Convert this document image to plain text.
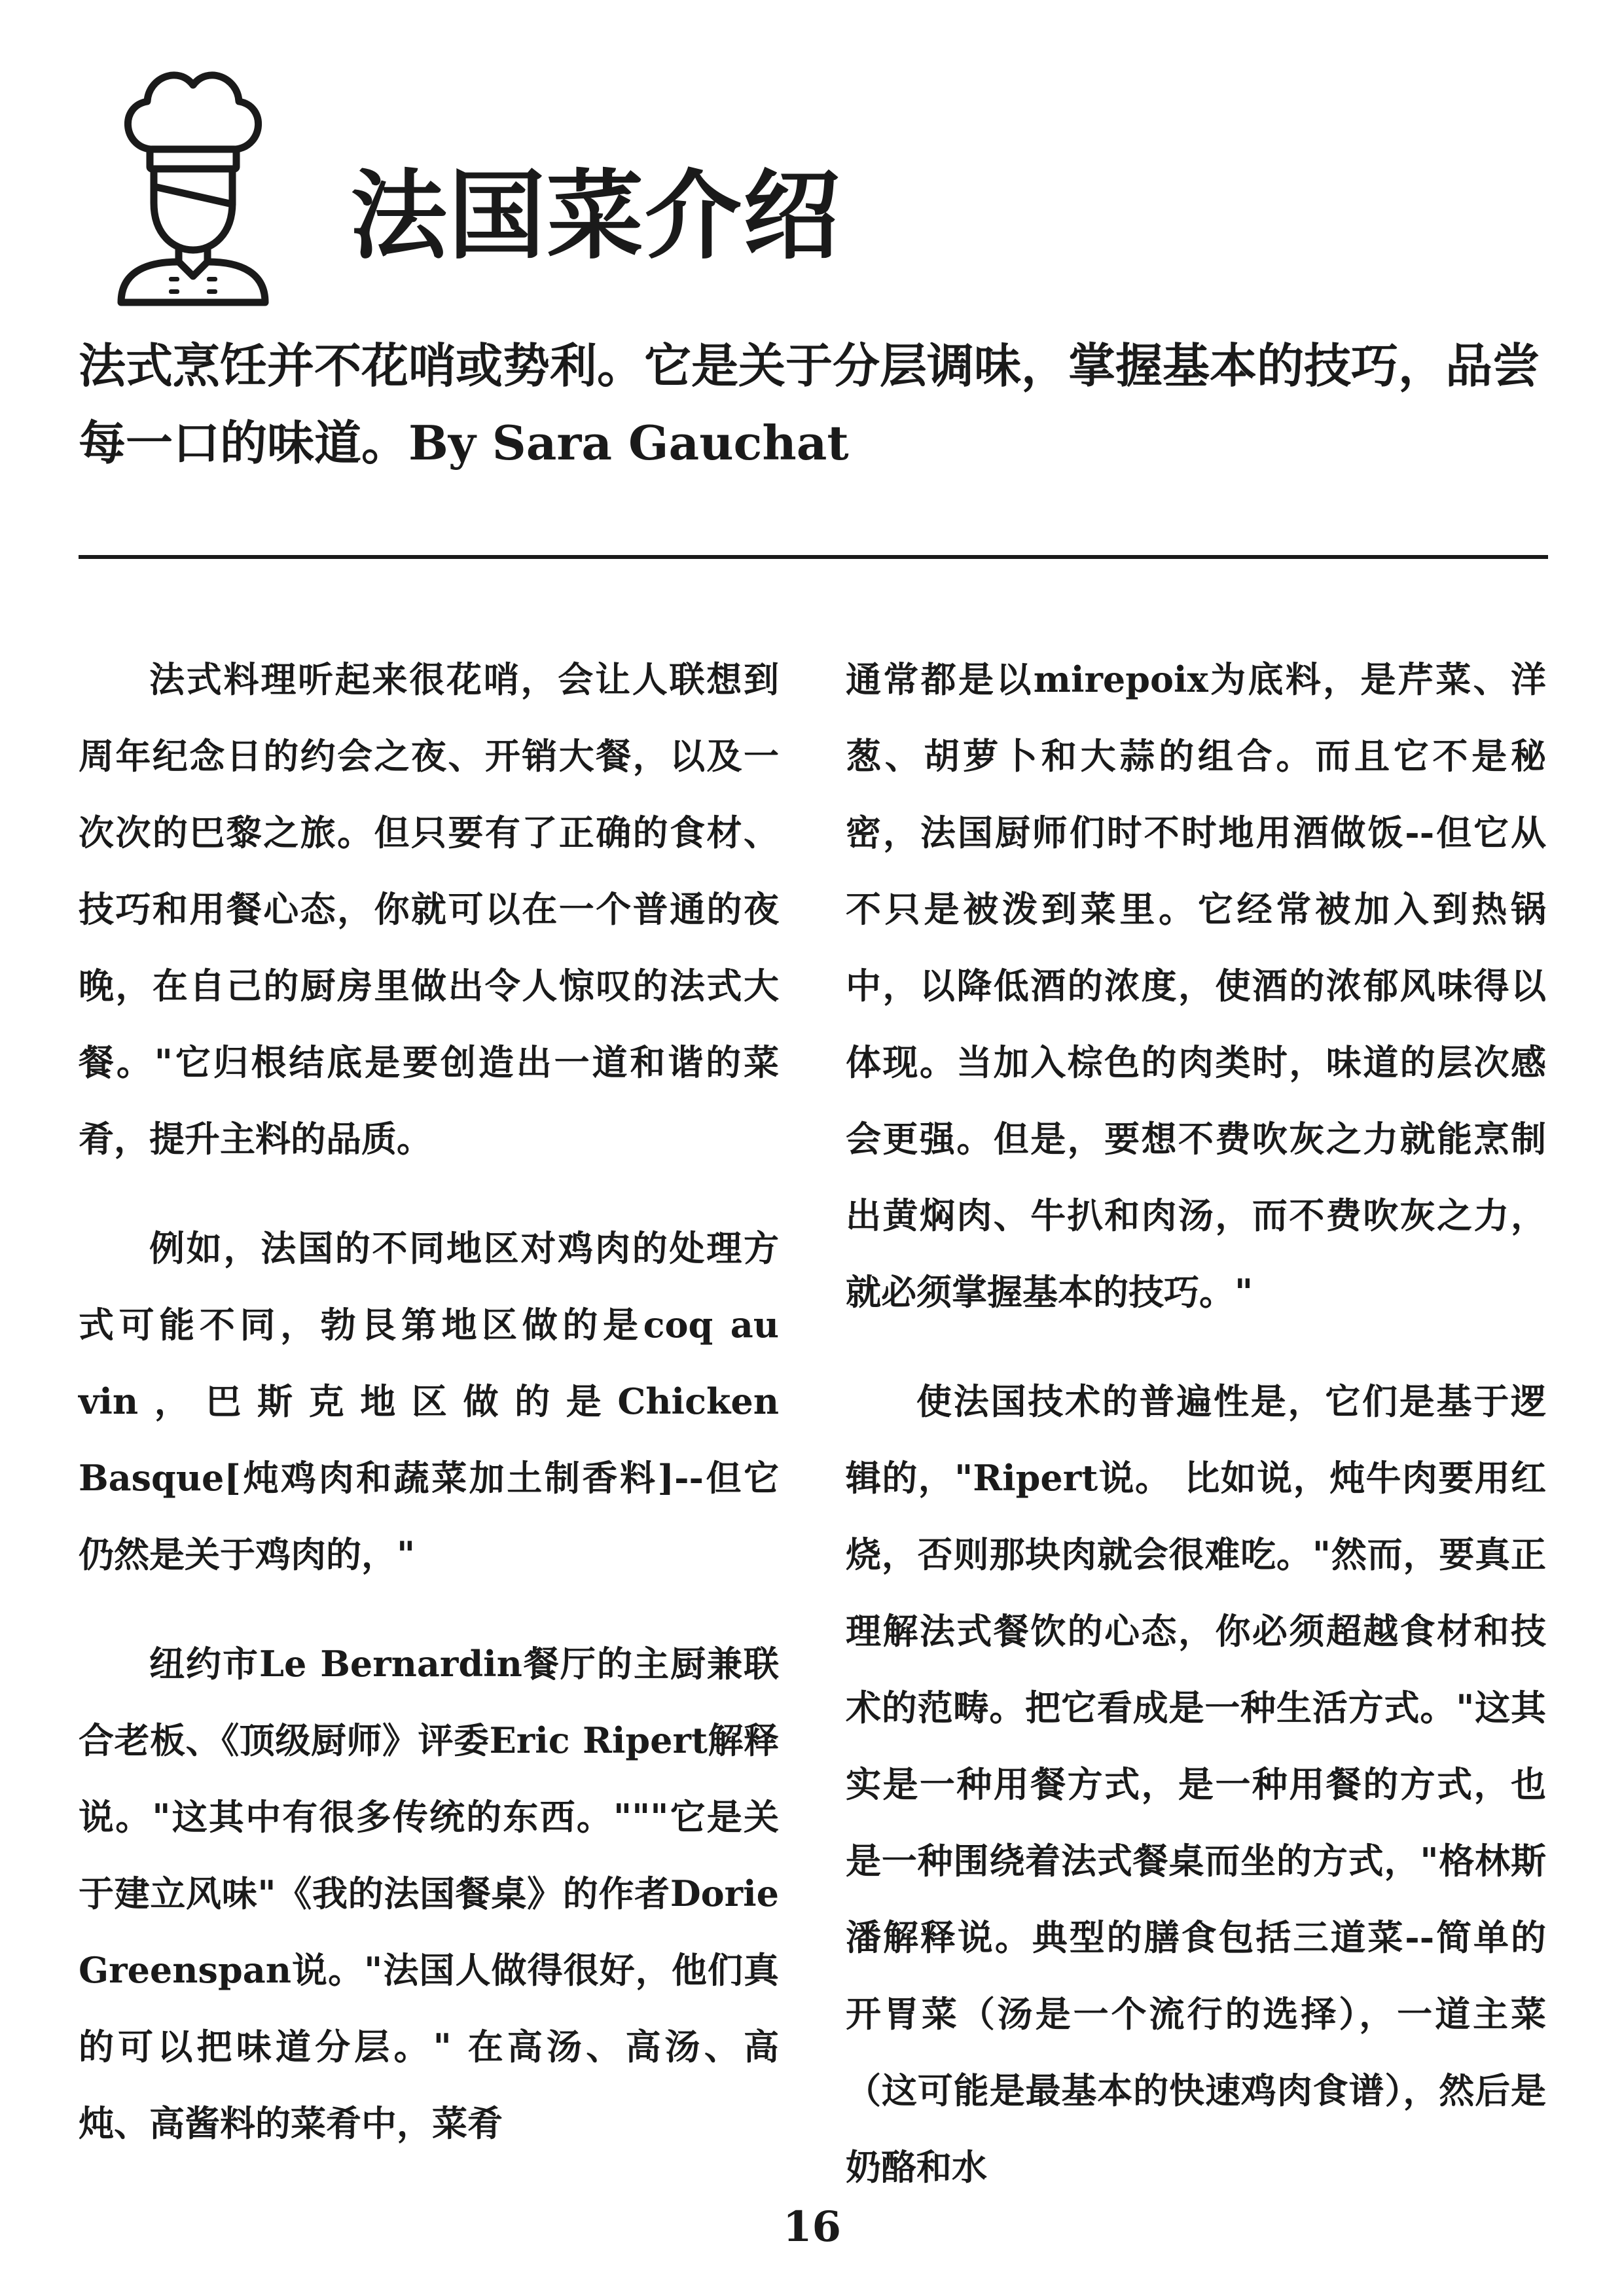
法国菜介绍

法式烹饪并不花哨或势利。它是关于分层调味，掌握基本的技巧，品尝每一口的味道。By Sara Gauchat

法式料理听起来很花哨，会让人联想到周年纪念日的约会之夜、开销大餐，以及一次次的巴黎之旅。但只要有了正确的食材、技巧和用餐心态，你就可以在一个普通的夜晚，在自己的厨房里做出令人惊叹的法式大餐。"它归根结底是要创造出一道和谐的菜肴，提升主料的品质。

例如，法国的不同地区对鸡肉的处理方式可能不同，勃艮第地区做的是coq au vin，巴斯克地区做的是Chicken Basque[炖鸡肉和蔬菜加土制香料]--但它仍然是关于鸡肉的，"

纽约市Le Bernardin餐厅的主厨兼联合老板、《顶级厨师》评委Eric Ripert解释说。"这其中有很多传统的东西。"""它是关于建立风味"《我的法国餐桌》的作者Dorie Greenspan说。"法国人做得很好，他们真的可以把味道分层。" 在高汤、高汤、高炖、高酱料的菜肴中，菜肴

通常都是以mirepoix为底料，是芹菜、洋葱、胡萝卜和大蒜的组合。而且它不是秘密，法国厨师们时不时地用酒做饭--但它从不只是被泼到菜里。它经常被加入到热锅中，以降低酒的浓度，使酒的浓郁风味得以体现。当加入棕色的肉类时，味道的层次感会更强。但是，要想不费吹灰之力就能烹制出黄焖肉、牛扒和肉汤，而不费吹灰之力，就必须掌握基本的技巧。"

使法国技术的普遍性是，它们是基于逻辑的，"Ripert说。 比如说，炖牛肉要用红烧，否则那块肉就会很难吃。"然而，要真正理解法式餐饮的心态，你必须超越食材和技术的范畴。把它看成是一种生活方式。"这其实是一种用餐方式，是一种用餐的方式，也是一种围绕着法式餐桌而坐的方式，"格林斯潘解释说。典型的膳食包括三道菜--简单的开胃菜（汤是一个流行的选择），一道主菜（这可能是最基本的快速鸡肉食谱），然后是奶酪和水

16
